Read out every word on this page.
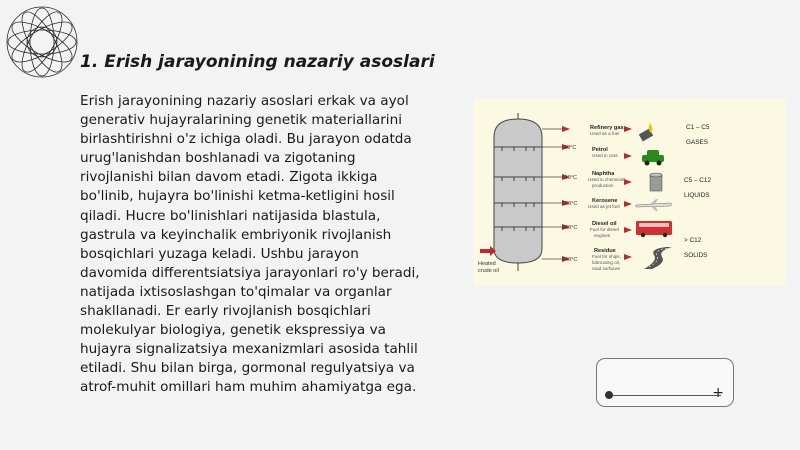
1. Erish jarayonining nazariy asoslari

Erish jarayonining nazariy asoslari erkak va ayol generativ hujayralarining genetik materiallarini birlashtirishni o'z ichiga oladi. Bu jarayon odatda urug'lanishdan boshlanadi va zigotaning rivojlanishi bilan davom etadi. Zigota ikkiga bo'linib, hujayra bo'linishi ketma-ketligini hosil qiladi. Hucre bo'linishlari natijasida blastula, gastrula va keyinchalik embriyonik rivojlanish bosqichlari yuzaga keladi. Ushbu jarayon davomida differentsiatsiya jarayonlari ro'y beradi, natijada ixtisoslashgan to'qimalar va organlar shakllanadi. Er early rivojlanish bosqichlari molekulyar biologiya, genetik ekspressiya va hujayra signalizatsiya mexanizmlari asosida tahlil etiladi. Shu bilan birga, gormonal regulyatsiya va atrof-muhit omillari ham muhim ahamiyatga ega.

Heated
crude oil
40°C
110°C
180°C
260°C
340°C
Refinery gas
Used as a fuel
Petrol
Used in cars
Naphtha
Used in chemicals
production
Kerosene
Used as jet fuel
Diesel oil
Fuel for diesel
engines
Residue
Fuel for ships,
lubricating oil,
road surfaces
C1 – C5
GASES
C5 – C12
LIQUIDS
> C12
SOLIDS
+
